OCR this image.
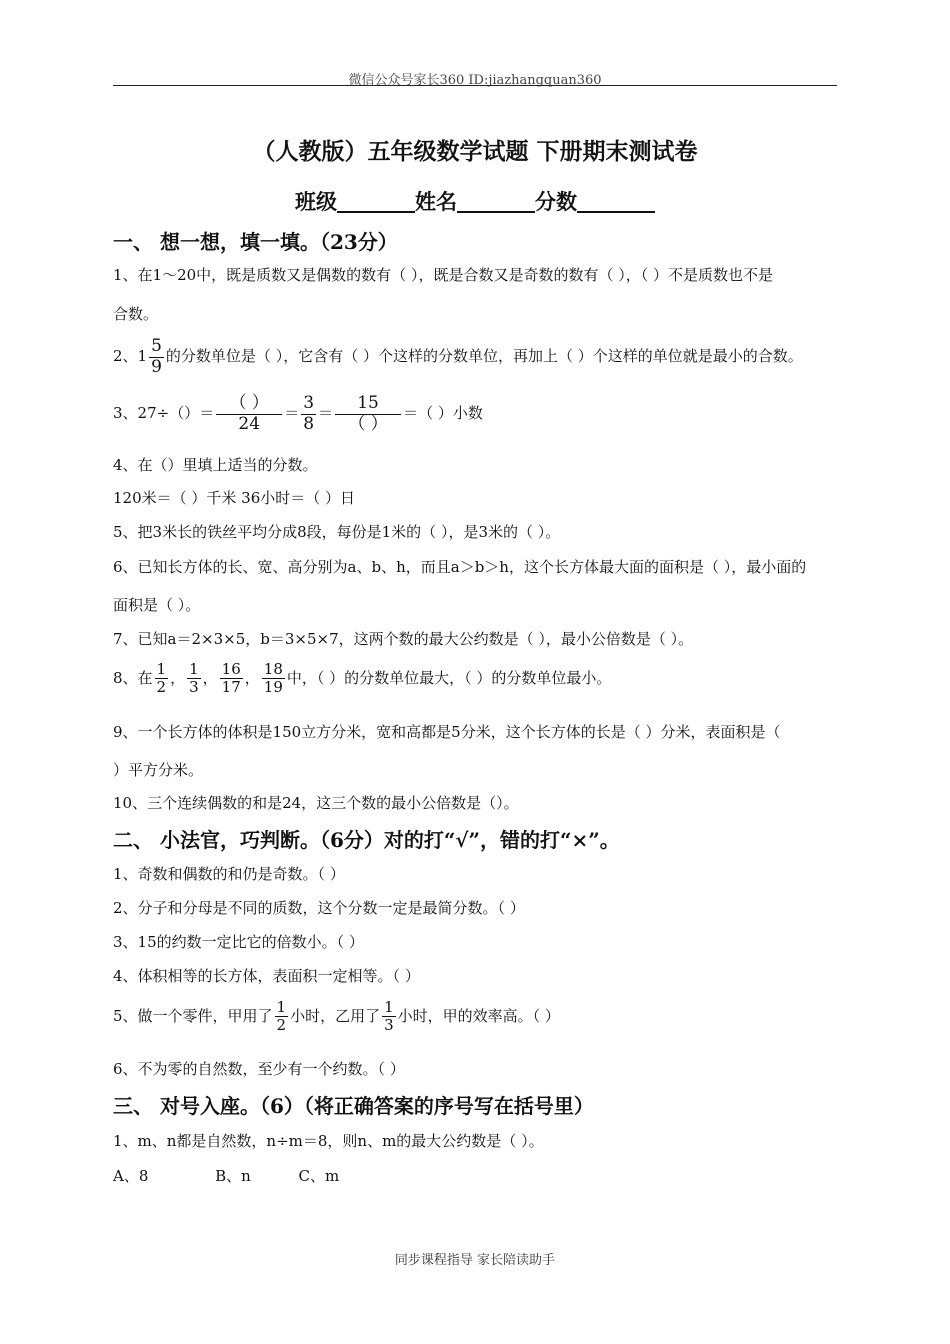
微信公众号家长360 ID:jiazhangquan360
（人教版）五年级数学试题 下册期末测试卷
班级	姓名	分数
一、 想一想，填一填。（23分）
1、在1～20中，既是质数又是偶数的数有（ ），既是合数又是奇数的数有（ ），（ ）不是质数也不是
合数。
2、$1 \frac{5}{9}$ 的分数单位是（ ），它含有（ ）个这样的分数单位，再加上（ ）个这样的单位就是最小的合数。
3、27÷（）＝
（ ）
24
＝ $\frac{3}{8}$ ＝
15
（ ）
＝（ ）小数
4、在（）里填上适当的分数。
120米＝（ ）千米 36小时＝（ ）日
5、把3米长的铁丝平均分成8段，每份是1米的（ ），是3米的（ ）。
6、已知长方体的长、宽、高分别为a、b、h，而且a＞b＞h，这个长方体最大面的面积是（ ），最小面的
面积是（ ）。
7、已知a＝2×3×5，b＝3×5×7，这两个数的最大公约数是（ ），最小公倍数是（ ）。
8、在 $\frac{1}{2}$ ， $\frac{1}{3}$ ， $\frac{16}{17}$ ， $\frac{18}{19}$ 中，（ ）的分数单位最大，（ ）的分数单位最小。
9、一个长方体的体积是150立方分米，宽和高都是5分米，这个长方体的长是（ ）分米，表面积是（
）平方分米。
10、三个连续偶数的和是24，这三个数的最小公倍数是（）。
二、 小法官，巧判断。（6分）对的打“√”，错的打“×”。
1、奇数和偶数的和仍是奇数。（ ）
2、分子和分母是不同的质数，这个分数一定是最简分数。（ ）
3、15的约数一定比它的倍数小。（ ）
4、体积相等的长方体，表面积一定相等。（ ）
5、做一个零件，甲用了 $\frac{1}{2}$ 小时，乙用了 $\frac{1}{3}$ 小时，甲的效率高。（ ）
6、不为零的自然数，至少有一个约数。（ ）
三、 对号入座。（6）（将正确答案的序号写在括号里）
1、m、n都是自然数，n÷m＝8，则n、m的最大公约数是（ ）。
A、8              B、n          C、m
同步课程指导 家长陪读助手
